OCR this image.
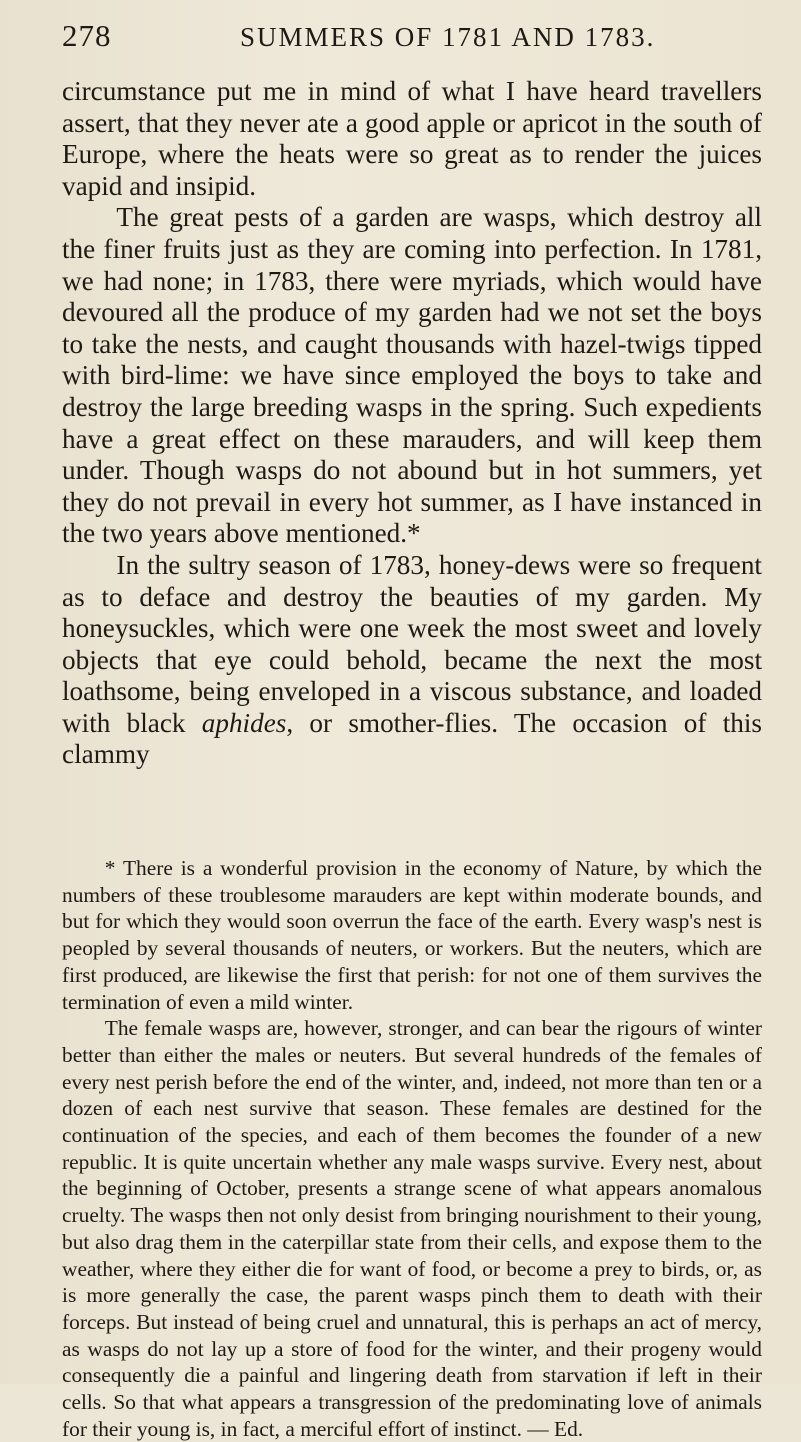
278	SUMMERS OF 1781 AND 1783.

circumstance put me in mind of what I have heard travellers assert, that they never ate a good apple or apricot in the south of Europe, where the heats were so great as to render the juices vapid and insipid.

The great pests of a garden are wasps, which destroy all the finer fruits just as they are coming into perfection. In 1781, we had none; in 1783, there were myriads, which would have devoured all the produce of my garden had we not set the boys to take the nests, and caught thousands with hazel-twigs tipped with bird-lime: we have since employed the boys to take and destroy the large breeding wasps in the spring. Such expedients have a great effect on these marauders, and will keep them under. Though wasps do not abound but in hot summers, yet they do not prevail in every hot summer, as I have instanced in the two years above mentioned.*

In the sultry season of 1783, honey-dews were so frequent as to deface and destroy the beauties of my garden. My honeysuckles, which were one week the most sweet and lovely objects that eye could behold, became the next the most loathsome, being enveloped in a viscous substance, and loaded with black aphides, or smother-flies. The occasion of this clammy

* There is a wonderful provision in the economy of Nature, by which the numbers of these troublesome marauders are kept within moderate bounds, and but for which they would soon overrun the face of the earth. Every wasp's nest is peopled by several thousands of neuters, or workers. But the neuters, which are first produced, are likewise the first that perish: for not one of them survives the termination of even a mild winter.

The female wasps are, however, stronger, and can bear the rigours of winter better than either the males or neuters. But several hundreds of the females of every nest perish before the end of the winter, and, indeed, not more than ten or a dozen of each nest survive that season. These females are destined for the continuation of the species, and each of them becomes the founder of a new republic. It is quite uncertain whether any male wasps survive. Every nest, about the beginning of October, presents a strange scene of what appears anomalous cruelty. The wasps then not only desist from bringing nourishment to their young, but also drag them in the caterpillar state from their cells, and expose them to the weather, where they either die for want of food, or become a prey to birds, or, as is more generally the case, the parent wasps pinch them to death with their forceps. But instead of being cruel and unnatural, this is perhaps an act of mercy, as wasps do not lay up a store of food for the winter, and their progeny would consequently die a painful and lingering death from starvation if left in their cells. So that what appears a transgression of the predominating love of animals for their young is, in fact, a merciful effort of instinct. — Ed.
